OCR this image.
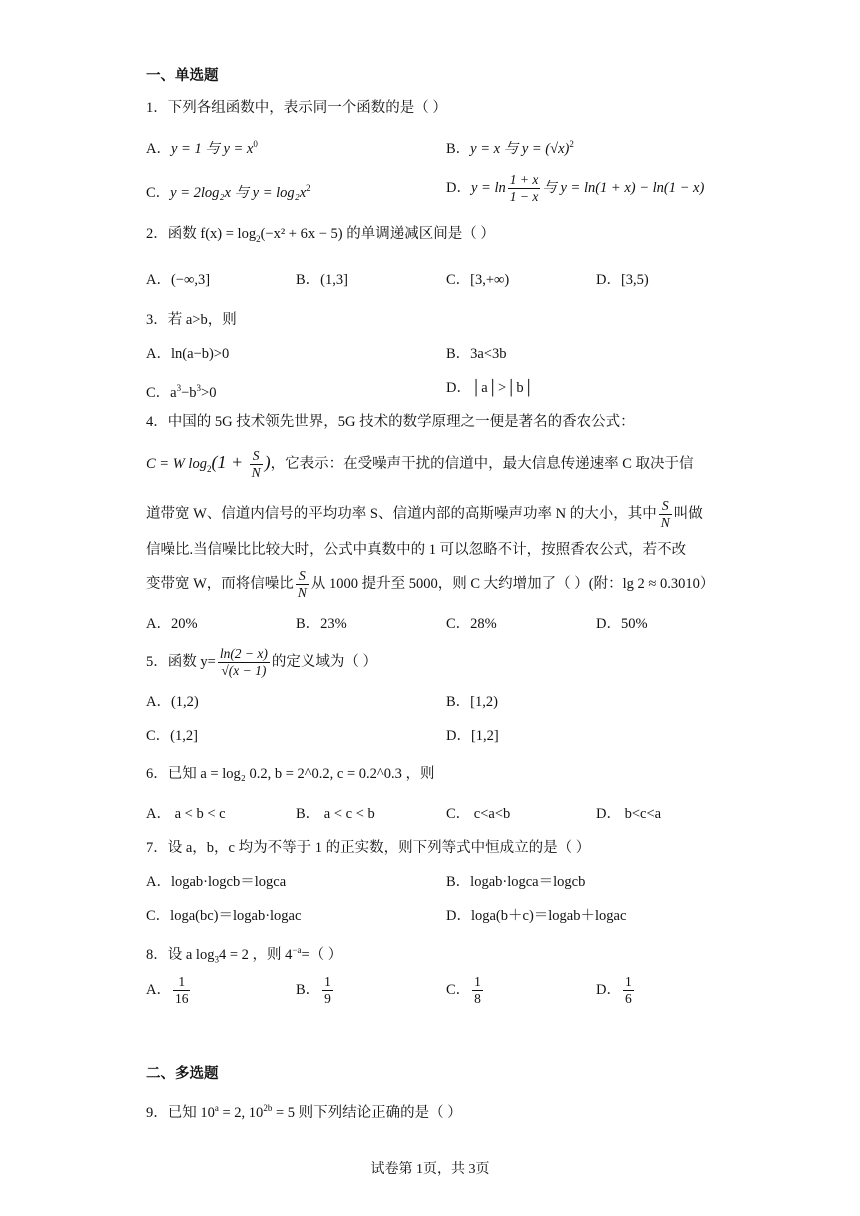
一、单选题
1．下列各组函数中，表示同一个函数的是（ ）
A．y = 1 与 $y = x^0$	B．y = x 与 $y = (√x)^2$
C．y = 2log₂x 与 $y = \log_2x^2$	D．$y = \ln \frac{1 + x}{1 - x}$ 与 y = ln(1 + x) − ln(1 − x)
2．函数 $f(x) = \log_2(-x^2 + 6x - 5)$ 的单调递减区间是（ ）
A．(−∞,3]	B．(1,3]	C．[3,+∞)	D．[3,5)
3．若 a>b，则
A．ln(a−b)>0	B．3a<3b
C．$a^3-b^3>0$	D．│a│>│b│
4．中国的 5G 技术领先世界，5G 技术的数学原理之一便是著名的香农公式：
C = W $\log_2(1 + \frac{S}{N}$ )，它表示：在受噪声干扰的信道中，最大信息传递速率 C 取决于信
道带宽 W、信道内信号的平均功率 S、信道内部的高斯噪声功率 N 的大小，其中 $\frac{S}{N}$ 叫做
信噪比.当信噪比比较大时，公式中真数中的 1 可以忽略不计，按照香农公式，若不改
变带宽 W，而将信噪比 $\frac{S}{N}$ 从 1000 提升至 5000，则 C 大约增加了（ ）(附：lg 2 ≈ 0.3010）
A．20%	B．23%	C．28%	D．50%
5．函数 $y= \frac{\ln(2 - x)}{√(x - 1)}$ 的定义域为（ ）
A．(1,2)	B．[1,2)
C．(1,2]	D．[1,2]
6．已知 a = log₂ 0.2, b = 2^0.2, c = 0.2^0.3 ，则
A． a < b < c	B． a < c < b	C． c<a<b	D． b<c<a
7．设 a，b，c 均为不等于 1 的正实数，则下列等式中恒成立的是（ ）
A．logab·logcb＝logca	B．logab·logca＝logcb
C．loga(bc)＝logab·logac	D．loga(b＋c)＝logab＋logac
8．设 a $\log_34 = 2$ ，则 $4^{-a}=$（ ）
A． $\frac{1}{16}$	B． $\frac{1}{9}$	C． $\frac{1}{8}$	D． $\frac{1}{6}$
二、多选题
9．已知 $10^a = 2$, $10^{2b} = 5$ 则下列结论正确的是（ ）
试卷第 1页，共 3页
